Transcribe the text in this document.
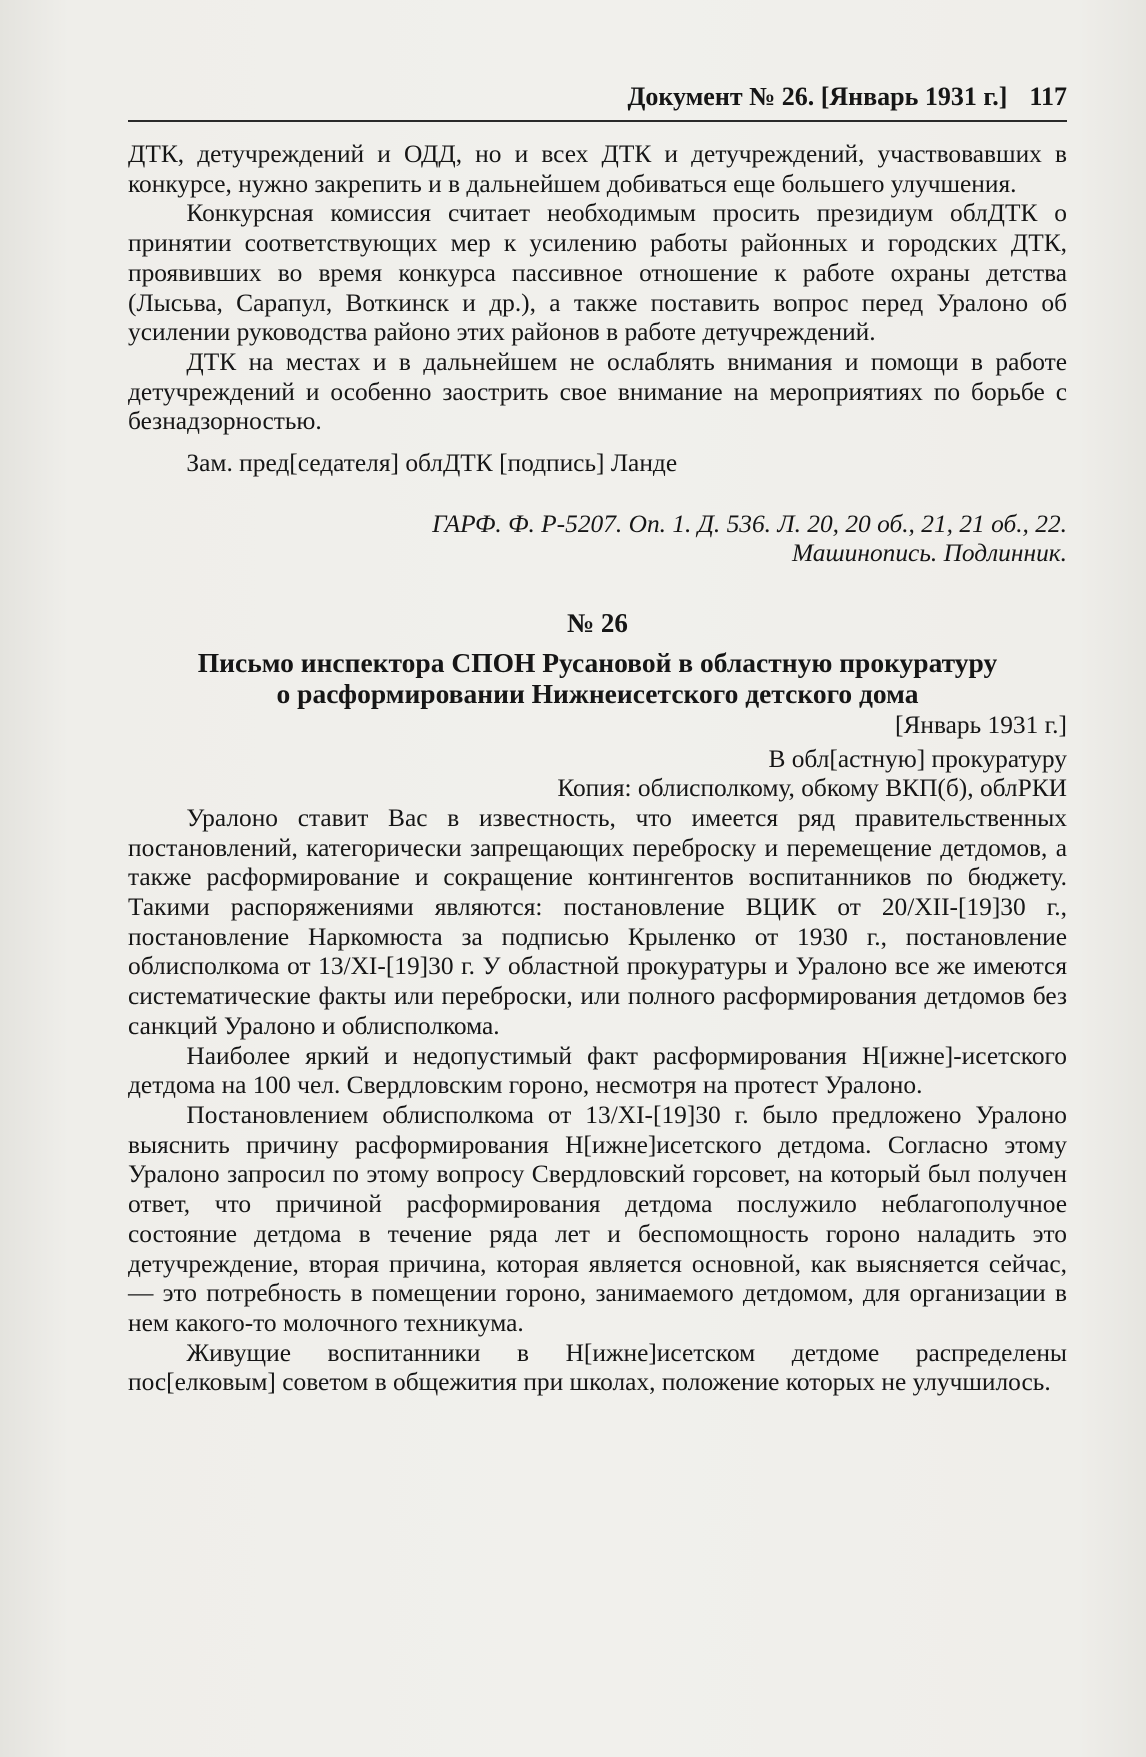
Документ № 26. [Январь 1931 г.] 117

ДТК, детучреждений и ОДД, но и всех ДТК и детучреждений, участвовавших в конкурсе, нужно закрепить и в дальнейшем добиваться еще большего улучшения.

Конкурсная комиссия считает необходимым просить президиум облДТК о принятии соответствующих мер к усилению работы районных и городских ДТК, проявивших во время конкурса пассивное отношение к работе охраны детства (Лысьва, Сарапул, Воткинск и др.), а также поставить вопрос перед Уралоно об усилении руководства районо этих районов в работе детучреждений.

ДТК на местах и в дальнейшем не ослаблять внимания и помощи в работе детучреждений и особенно заострить свое внимание на мероприятиях по борьбе с безнадзорностью.

Зам. пред[седателя] облДТК [подпись] Ланде

ГАРФ. Ф. Р-5207. Оп. 1. Д. 536. Л. 20, 20 об., 21, 21 об., 22.

Машинопись. Подлинник.

№ 26

Письмо инспектора СПОН Русановой в областную прокуратуру

о расформировании Нижнеисетского детского дома

[Январь 1931 г.]

В обл[астную] прокуратуру

Копия: облисполкому, обкому ВКП(б), облРКИ

Уралоно ставит Вас в известность, что имеется ряд правительственных постановлений, категорически запрещающих переброску и перемещение детдомов, а также расформирование и сокращение контингентов воспитанников по бюджету. Такими распоряжениями являются: постановление ВЦИК от 20/XII-[19]30 г., постановление Наркомюста за подписью Крыленко от 1930 г., постановление облисполкома от 13/XI-[19]30 г. У областной прокуратуры и Уралоно все же имеются систематические факты или переброски, или полного расформирования детдомов без санкций Уралоно и облисполкома.

Наиболее яркий и недопустимый факт расформирования Н[ижне]-исетского детдома на 100 чел. Свердловским гороно, несмотря на протест Уралоно.

Постановлением облисполкома от 13/XI-[19]30 г. было предложено Уралоно выяснить причину расформирования Н[ижне]исетского детдома. Согласно этому Уралоно запросил по этому вопросу Свердловский горсовет, на который был получен ответ, что причиной расформирования детдома послужило неблагополучное состояние детдома в течение ряда лет и беспомощность гороно наладить это детучреждение, вторая причина, которая является основной, как выясняется сейчас, — это потребность в помещении гороно, занимаемого детдомом, для организации в нем какого-то молочного техникума.

Живущие воспитанники в Н[ижне]исетском детдоме распределены пос[елковым] советом в общежития при школах, положение которых не улучшилось.
